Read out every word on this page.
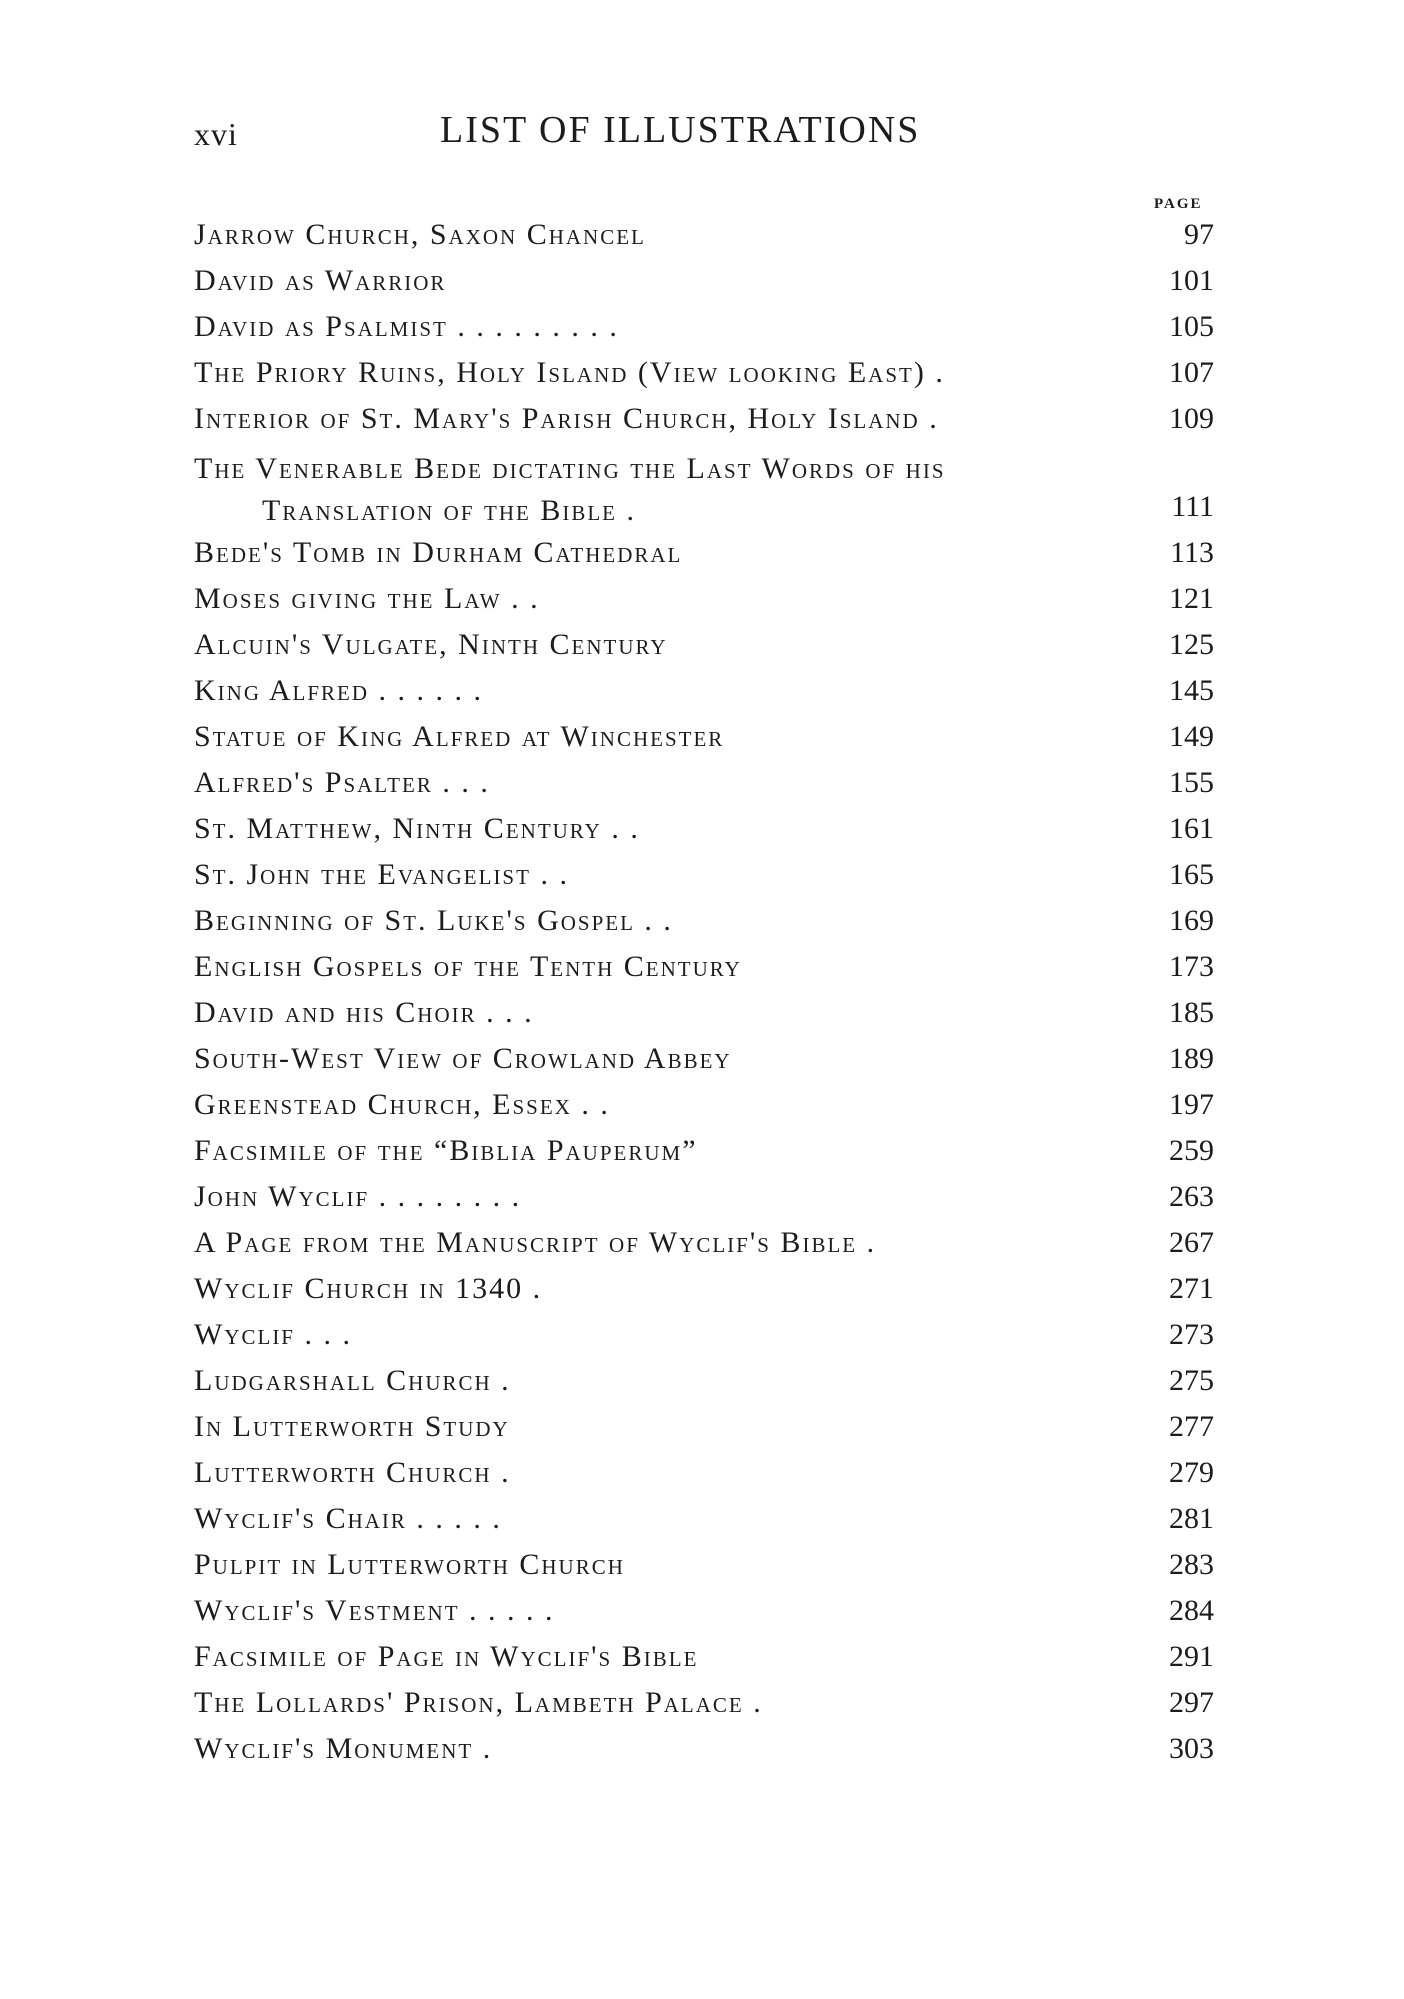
xvi	LIST OF ILLUSTRATIONS
PAGE
Jarrow Church, Saxon Chancel	97
David as Warrior	101
David as Psalmist . . . . . . . . .	105
The Priory Ruins, Holy Island (View looking East) .	107
Interior of St. Mary's Parish Church, Holy Island .	109
The Venerable Bede dictating the Last Words of his
Translation of the Bible .	111
Bede's Tomb in Durham Cathedral	113
Moses giving the Law . .	121
Alcuin's Vulgate, Ninth Century	125
King Alfred . . . . . .	145
Statue of King Alfred at Winchester	149
Alfred's Psalter . . .	155
St. Matthew, Ninth Century . .	161
St. John the Evangelist . .	165
Beginning of St. Luke's Gospel . .	169
English Gospels of the Tenth Century	173
David and his Choir . . .	185
South-West View of Crowland Abbey	189
Greenstead Church, Essex . .	197
Facsimile of the “Biblia Pauperum”	259
John Wyclif . . . . . . . .	263
A Page from the Manuscript of Wyclif's Bible .	267
Wyclif Church in 1340 .	271
Wyclif . . .	273
Ludgarshall Church .	275
In Lutterworth Study	277
Lutterworth Church .	279
Wyclif's Chair . . . . .	281
Pulpit in Lutterworth Church	283
Wyclif's Vestment . . . . .	284
Facsimile of Page in Wyclif's Bible	291
The Lollards' Prison, Lambeth Palace .	297
Wyclif's Monument .	303
